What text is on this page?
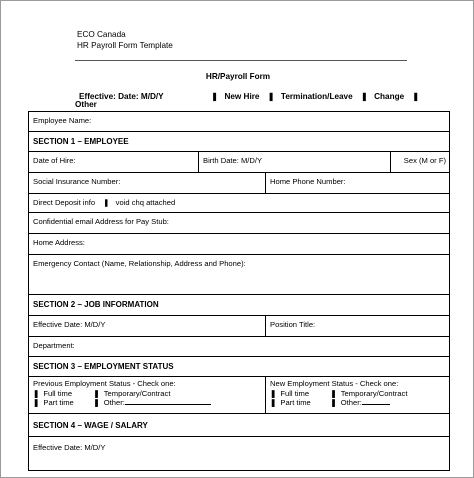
ECO Canada
HR Payroll Form Template
HR/Payroll Form
Effective: Date: M/D/Y	❚ New Hire ❚ Termination/Leave ❚ Change ❚
Other
Employee Name:
SECTION 1 – EMPLOYEE
Date of Hire:	Birth Date: M/D/Y	Sex (M or F)
Social Insurance Number:	Home Phone Number:
Direct Deposit info ❚ void chq attached
Confidential email Address for Pay Stub:
Home Address:
Emergency Contact (Name, Relationship, Address and Phone):
SECTION 2 – JOB INFORMATION
Effective Date: M/D/Y	Position Title:
Department:
SECTION 3 – EMPLOYMENT STATUS
Previous Employment Status - Check one:
❚ Full time	❚ Temporary/Contract
❚ Part time	❚ Other:
New Employment Status - Check one:
❚ Full time	❚ Temporary/Contract
❚ Part time	❚ Other:
SECTION 4 – WAGE / SALARY
Effective Date: M/D/Y
